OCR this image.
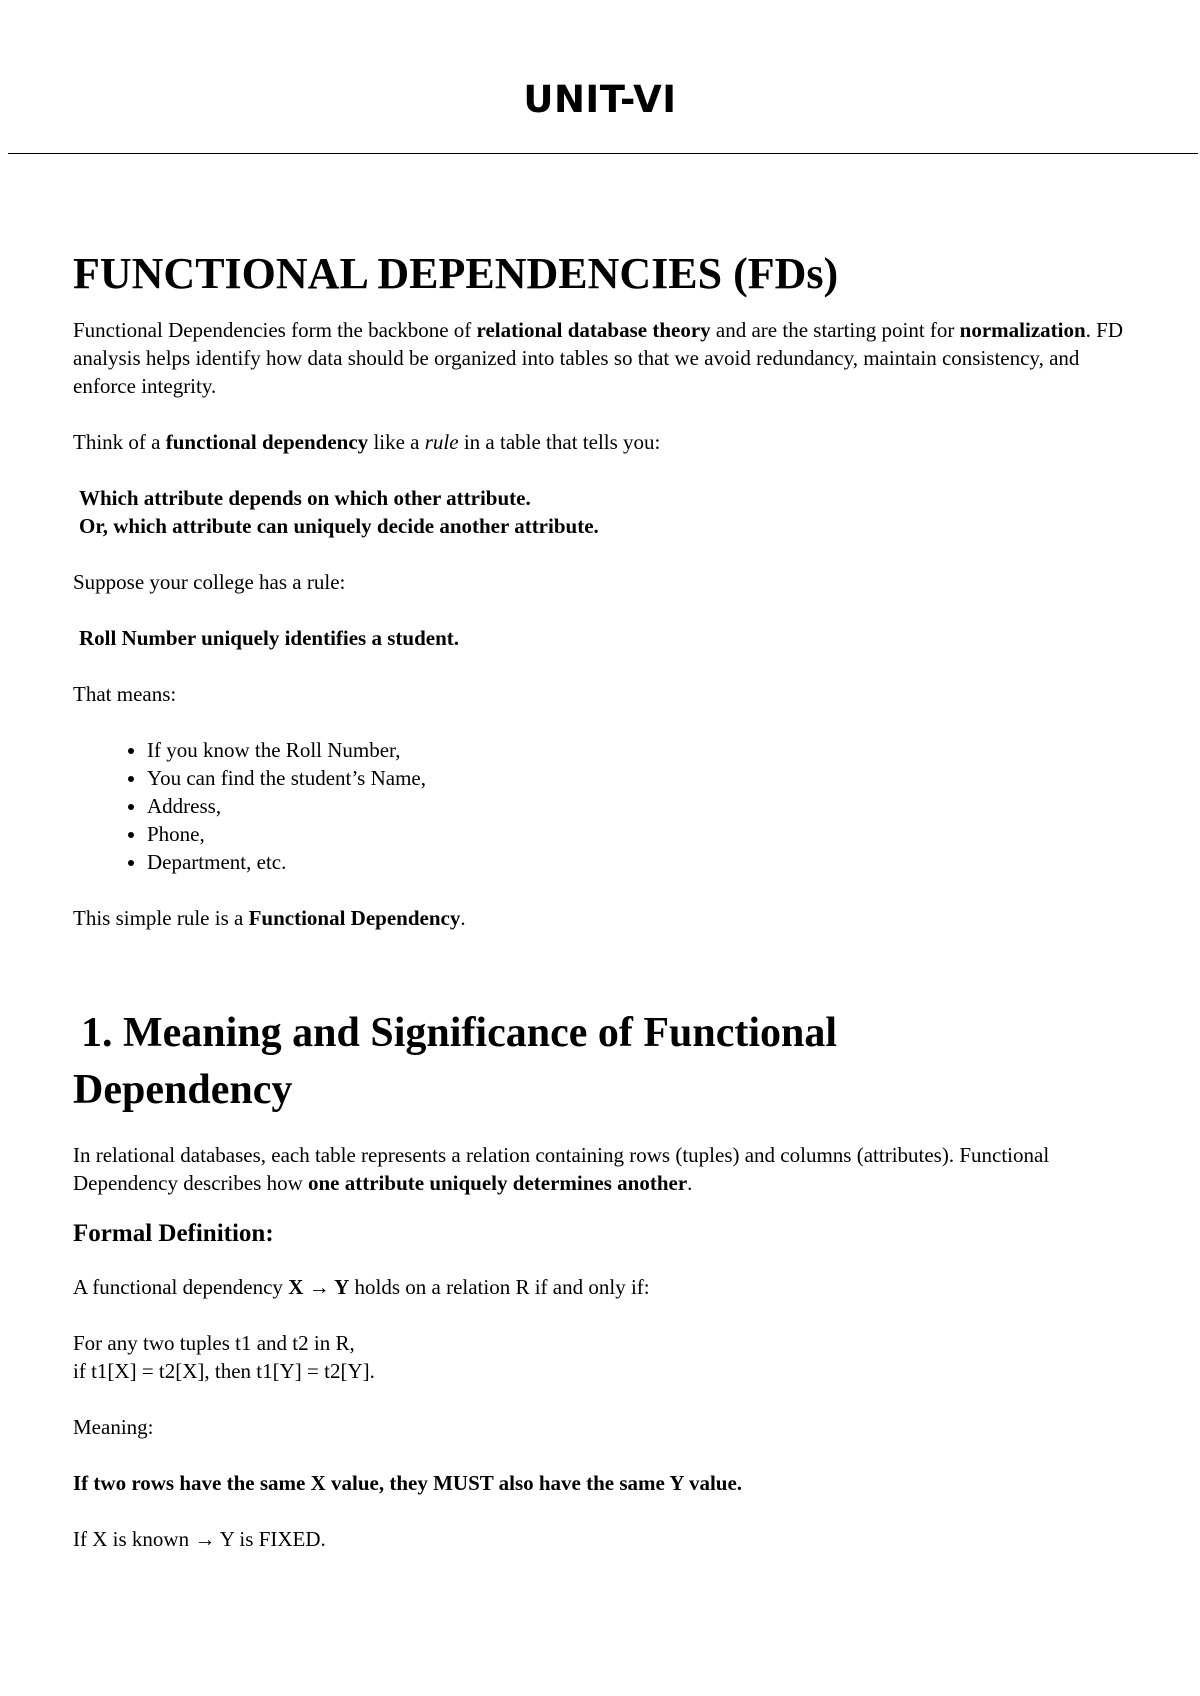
UNIT-VI
FUNCTIONAL DEPENDENCIES (FDs)

Functional Dependencies form the backbone of relational database theory and are the starting point for normalization. FD analysis helps identify how data should be organized into tables so that we avoid redundancy, maintain consistency, and enforce integrity.

Think of a functional dependency like a rule in a table that tells you:

Which attribute depends on which other attribute.

Or, which attribute can uniquely decide another attribute.

Suppose your college has a rule:

Roll Number uniquely identifies a student.

That means:

• If you know the Roll Number,
• You can find the student’s Name,
• Address,
• Phone,
• Department, etc.

This simple rule is a Functional Dependency.

1. Meaning and Significance of Functional Dependency

In relational databases, each table represents a relation containing rows (tuples) and columns (attributes). Functional Dependency describes how one attribute uniquely determines another.

Formal Definition:

A functional dependency X → Y holds on a relation R if and only if:

For any two tuples t1 and t2 in R,

if t1[X] = t2[X], then t1[Y] = t2[Y].

Meaning:

If two rows have the same X value, they MUST also have the same Y value.

If X is known → Y is FIXED.
